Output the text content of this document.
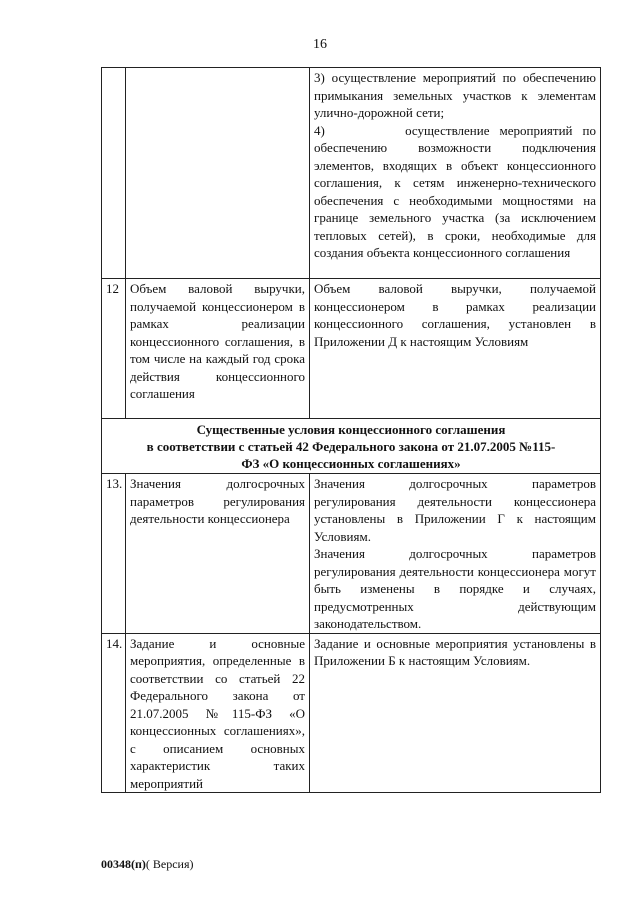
16

		3) осуществление мероприятий по обеспечению примыкания земельных участков к элементам улично-дорожной сети;

4)        осуществление мероприятий по обеспечению возможности подключения элементов, входящих в объект концессионного соглашения, к сетям инженерно-технического обеспечения с необходимыми мощностями на границе земельного участка (за исключением тепловых сетей), в сроки, необходимые для создания объекта концессионного соглашения

12	Объем валовой выручки, получаемой концессионером в рамках реализации концессионного соглашения, в том числе на каждый год срока действия концессионного соглашения	Объем валовой выручки, получаемой концессионером в рамках реализации концессионного соглашения, установлен в Приложении Д к настоящим Условиям

Существенные условия концессионного соглашения
в соответствии с статьей 42 Федерального закона от 21.07.2005 №115-
ФЗ «О концессионных соглашениях»		

13.	Значения долгосрочных параметров регулирования деятельности концессионера	Значения долгосрочных параметров регулирования деятельности концессионера установлены в Приложении Г к настоящим Условиям.

Значения долгосрочных параметров регулирования деятельности концессионера могут быть изменены в порядке и случаях, предусмотренных действующим законодательством.

14.	Задание и основные мероприятия, определенные в соответствии со статьей 22 Федерального закона от 21.07.2005 №115-ФЗ «О концессионных соглашениях», с описанием основных характеристик таких мероприятий	Задание и основные мероприятия установлены в Приложении Б к настоящим Условиям.

00348(п)( Версия)
